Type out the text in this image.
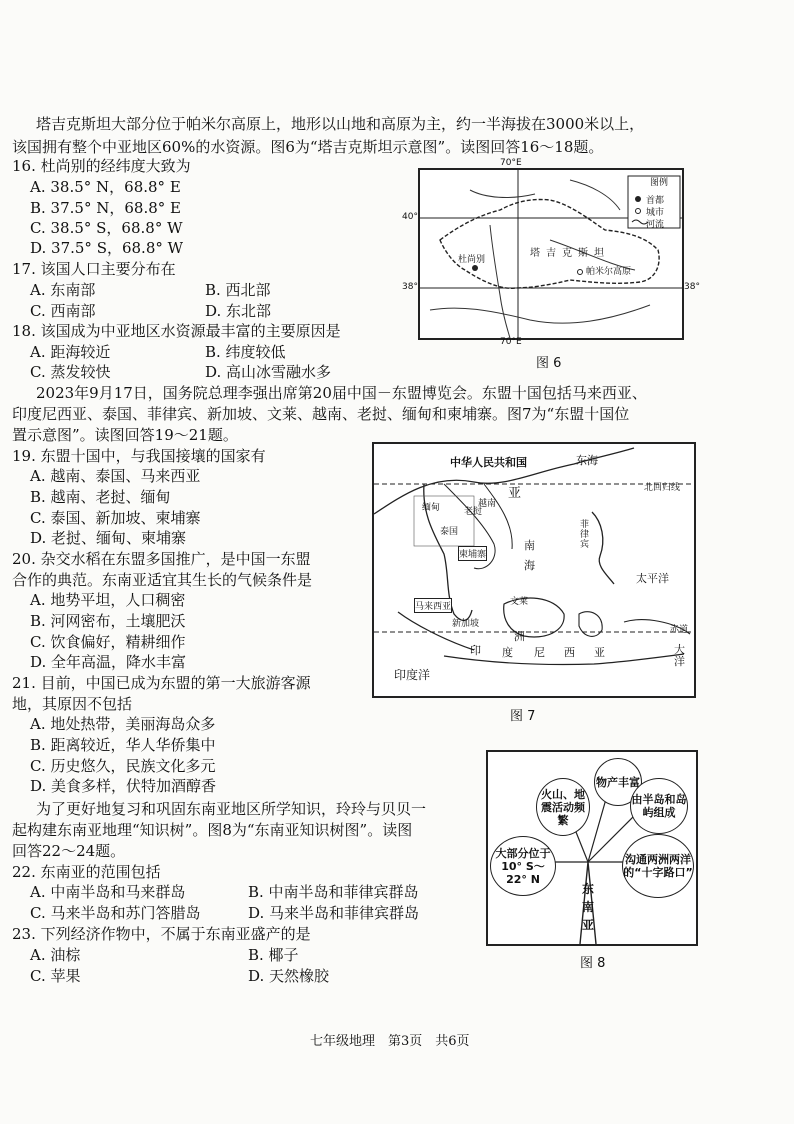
塔吉克斯坦大部分位于帕米尔高原上，地形以山地和高原为主，约一半海拔在3000米以上，
该国拥有整个中亚地区60%的水资源。图6为“塔吉克斯坦示意图”。读图回答16～18题。
16. 杜尚别的经纬度大致为
A. 38.5° N，68.8° E
B. 37.5° N，68.8° E
C. 38.5° S，68.8° W
D. 37.5° S，68.8° W
17. 该国人口主要分布在
A. 东南部	B. 西北部
C. 西南部	D. 东北部
18. 该国成为中亚地区水资源最丰富的主要原因是
A. 距海较近	B. 纬度较低
C. 蒸发较快	D. 高山冰雪融水多
70°E
图例
首都
城市
河流
杜尚别
塔吉克斯坦
帕米尔高原
40°
38°	38°
70°E
图 6
2023年9月17日，国务院总理李强出席第20届中国－东盟博览会。东盟十国包括马来西亚、
印度尼西亚、泰国、菲律宾、新加坡、文莱、越南、老挝、缅甸和柬埔寨。图7为“东盟十国位
置示意图”。读图回答19～21题。
19. 东盟十国中，与我国接壤的国家有
A. 越南、泰国、马来西亚
B. 越南、老挝、缅甸
C. 泰国、新加坡、柬埔寨
D. 老挝、缅甸、柬埔寨
20. 杂交水稻在东盟多国推广，是中国一东盟
合作的典范。东南亚适宜其生长的气候条件是
A. 地势平坦，人口稠密
B. 河网密布，土壤肥沃
C. 饮食偏好，精耕细作
D. 全年高温，降水丰富
21. 目前，中国已成为东盟的第一大旅游客源
地，其原因不包括
A. 地处热带，美丽海岛众多
B. 距离较近，华人华侨集中
C. 历史悠久，民族文化多元
D. 美食多样，伏特加酒醇香
中华人民共和国	东海
北回归线
亚
缅甸	老挝
越南
泰国
柬埔寨
菲律宾
南海
太平洋
马来西亚	文莱
新加坡
赤道
洲
印 度 尼 西 亚	大洋
印度洋
图 7
为了更好地复习和巩固东南亚地区所学知识，玲玲与贝贝一
起构建东南亚地理“知识树”。图8为“东南亚知识树图”。读图
回答22～24题。
22. 东南亚的范围包括
A. 中南半岛和马来群岛	B. 中南半岛和菲律宾群岛
C. 马来半岛和苏门答腊岛	D. 马来半岛和菲律宾群岛
23. 下列经济作物中，不属于东南亚盛产的是
A. 油棕	B. 椰子
C. 苹果	D. 天然橡胶
物产丰富
火山、地震活动频繁
由半岛和岛屿组成
大部分位于10° S～22° N
沟通两洲两洋的“十字路口”
东
南
亚
图 8
七年级地理　第3页　共6页
